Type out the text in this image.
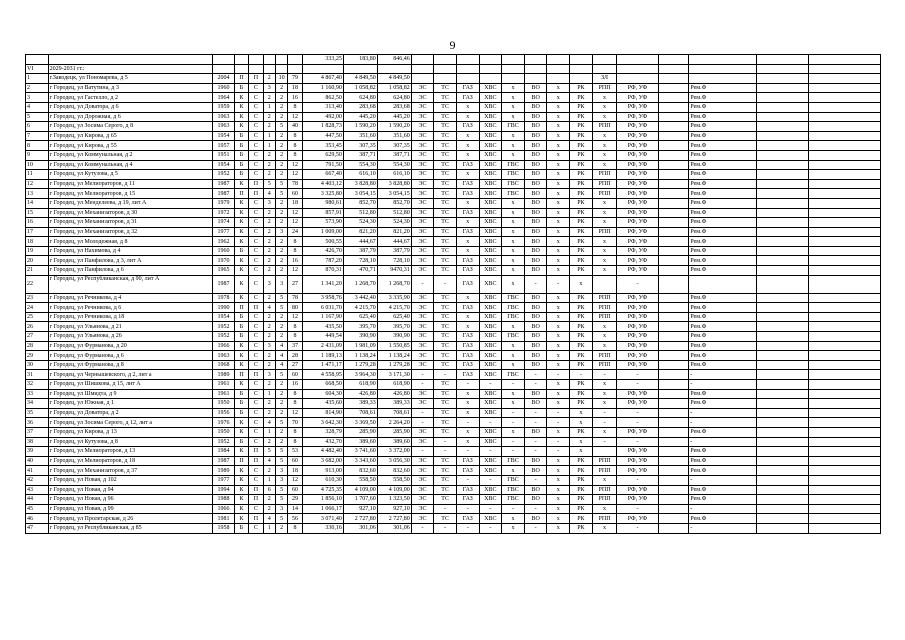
9
								333,25	183,80	846,46														
VI	2029-2031 гг.:																							
1	г.Заводецк, ул Пономарева, д 5	2004	П	П	2	10	79	4 867,40	4 849,50	4 849,50									ЗЛ					
2	г Городец, ул Ватутина, д 3	1960	Б	С	3	2	18	1 160,90	1 058,82	1 058,82	ЭС	ТС	ГАЗ	ХВС	х	ВО	х	РК	РПП	РФ, УФ		Рем.Ф		
3	г Городец, ул Гастелло, д 2	1964	К	С	2	2	16	862,50	624,80	624,80	ЭС	ТС	ГАЗ	ХВС	х	ВО	х	РК	х	РФ, УФ		Рем.Ф		
4	г Городец, ул Доватора, д 6	1959	К	С	1	2	8	313,40	283,68	283,68	ЭС	ТС	х	ХВС	х	ВО	х	РК	х	РФ, УФ		Рем.Ф		
5	г Городец, ул Дорожная, д 6	1963	К	С	2	2	12	492,00	445,20	445,20	ЭС	ТС	х	ХВС	х	ВО	х	РК	х	РФ, УФ		Рем.Ф		
6	г Городец, ул Зосима Серого, д 8	1963	К	С	2	5	40	1 828,73	1 590,20	1 590,20	ЭС	ТС	ГАЗ	ХВС	ГВС	ВО	х	РК	РПП	РФ, УФ		Рем.Ф		
7	г Городец, ул Кирова, д 65	1954	Б	С	1	2	8	447,50	351,60	351,60	ЭС	ТС	х	ХВС	х	ВО	х	РК	х	РФ, УФ		Рем.Ф		
8	г Городец, ул Кирова, д 55	1957	Б	С	1	2	8	353,45	307,35	307,35	ЭС	ТС	х	ХВС	х	ВО	х	РК	х	РФ, УФ		Рем.Ф		
9	г Городец, ул Коммунальная, д 2	1951	Б	С	2	2	8	629,50	387,71	387,71	ЭС	ТС	х	ХВС	х	ВО	х	РК	х	РФ, УФ		Рем.Ф		
10	г Городец, ул Коммунальная, д 4	1954	Б	С	2	2	12	791,50	554,30	554,30	ЭС	ТС	ГАЗ	ХВС	ГВС	ВО	х	РК	х	РФ, УФ		Рем.Ф		
11	г Городец, ул Кутузова, д 5	1952	Б	С	2	2	12	667,40	616,10	616,10	ЭС	ТС	х	ХВС	ГВС	ВО	х	РК	РПП	РФ, УФ		Рем.Ф		
12	г Городец, ул Мелиораторов, д 11	1987	К	П	5	5	78	4 403,12	3 828,80	3 828,80	ЭС	ТС	ГАЗ	ХВС	ГВС	ВО	х	РК	РПП	РФ, УФ		Рем.Ф		
13	г Городец, ул Мелиораторов, д 15	1987	П	П	4	5	60	3 325,80	3 054,15	3 054,15	ЭС	ТС	ГАЗ	ХВС	ГВС	ВО	х	РК	РПП	РФ, УФ		Рем.Ф		
14	г Городец, ул Менделеева, д 19, лит А	1979	К	С	3	2	18	980,61	852,70	852,70	ЭС	ТС	х	ХВС	х	ВО	х	РК	х	РФ, УФ		Рем.Ф		
15	г Городец, ул Механизаторов, д 30	1972	К	С	2	2	12	857,91	512,80	512,80	ЭС	ТС	ГАЗ	ХВС	х	ВО	х	РК	х	РФ, УФ		Рем.Ф		
16	г Городец, ул Механизаторов, д 31	1974	К	С	2	2	12	573,90	524,30	524,30	ЭС	ТС	х	ХВС	х	ВО	х	РК	х	РФ, УФ		Рем.Ф		
17	г Городец, ул Механизаторов, д 32	1977	К	С	2	3	24	1 009,00	821,20	821,20	ЭС	ТС	ГАЗ	ХВС	х	ВО	х	РК	РПП	РФ, УФ		Рем.Ф		
18	г Городец, ул Молодежная, д 8	1962	К	С	2	2	8	500,55	444,67	444,67	ЭС	ТС	х	ХВС	х	ВО	х	РК	х	РФ, УФ		Рем.Ф		
19	г Городец, ул Нахимова, д 4	1960	Б	С	2	2	8	426,70	387,79	387,79	ЭС	ТС	х	ХВС	х	ВО	х	РК	х	РФ, УФ		Рем.Ф		
20	г Городец, ул Панфилова, д 3, лит А	1970	К	С	2	2	16	787,20	728,10	728,10	ЭС	ТС	ГАЗ	ХВС	х	ВО	х	РК	х	РФ, УФ		Рем.Ф		
21	г Городец, ул Панфилова, д 6	1965	К	С	2	2	12	870,31	470,71	9470,31	ЭС	ТС	ГАЗ	ХВС	х	ВО	х	РК	х	РФ, УФ		Рем.Ф		
22	г Городец, ул Республиканская, д 90, лит А	1987	К	С	3	3	27	1 341,20	1 268,70	1 268,70	-	-	ГАЗ	ХВС	х	-	-	х		-				
23	г Городец, ул Речникова, д 4	1978	К	С	2	5	78	3 958,76	3 442,40	3 335,90	ЭС	ТС	х	ХВС	ГВС	ВО	х	РК	РПП	РФ, УФ		Рем.Ф		
24	г Городец, ул Речникова, д 6	1990	П	П	4	5	80	6 031,70	4 215,70	4 215,70	ЭС	ТС	ГАЗ	ХВС	ГВС	ВО	х	РК	РПП	РФ, УФ		Рем.Ф		
25	г Городец, ул Речникова, д 18	1954	Б	С	2	2	12	1 167,90	625,40	625,40	ЭС	ТС	х	ХВС	ГВС	ВО	х	РК	РПП	РФ, УФ		Рем.Ф		
26	г Городец, ул Ульянова, д 21	1952	Б	С	2	2	8	435,50	395,70	395,70	ЭС	ТС	х	ХВС	х	ВО	х	РК	х	РФ, УФ		Рем.Ф		
27	г Городец, ул Ульянова, д 26	1952	Б	С	2	2	8	449,54	390,90	390,90	ЭС	ТС	ГАЗ	ХВС	ГВС	ВО	х	РК	х	РФ, УФ		Рем.Ф		
28	г Городец, ул Фурманова, д 20	1966	К	С	3	4	37	2 431,09	1 981,09	1 550,85	ЭС	ТС	ГАЗ	ХВС	х	ВО	х	РК	х	РФ, УФ		Рем.Ф		
29	г Городец, ул Фурманова, д 6	1963	К	С	2	4	28	1 189,13	1 138,24	1 138,24	ЭС	ТС	ГАЗ	ХВС	х	ВО	х	РК	РПП	РФ, УФ		Рем.Ф		
30	г Городец, ул Фурманова, д 8	1968	К	С	2	4	27	1 471,17	1 279,28	1 279,28	ЭС	ТС	ГАЗ	ХВС	х	ВО	х	РК	РПП	РФ, УФ		Рем.Ф		
31	г Городец, ул Чернышевского, д 2, лит а	1989	П	П	3	5	60	4 558,95	3 964,30	3 171,30	-	-	ГАЗ	ХВС	ГВС	-	-	-	-	-		-		
32	г Городец, ул Шишкова, д 15, лит А	1961	К	С	2	2	16	668,50	618,90	618,90	-	ТС	-	-	-	-	х	РК	х	-		-		
33	г Городец, ул Шмидта, д 9	1961	Б	С	1	2	8	604,30	426,80	426,80	ЭС	ТС	х	ХВС	х	ВО	х	РК	х	РФ, УФ		Рем.Ф		
34	г Городец, ул Южная, д 1	1950	Б	С	2	2	8	435,60	389,33	389,33	ЭС	ТС	х	ХВС	х	ВО	х	РК	х	РФ, УФ		Рем.Ф		
35	г Городец, ул Доватора, д 2	1956	Б	С	2	2	12	814,90	708,61	708,61	-	ТС	х	ХВС	-	-	-	х	-	-		-		
36	г Городец, ул Зосима Серого, д 12, лит а	1976	К	С	4	5	70	3 642,30	3 369,50	2 264,20	-	ТС	-	-	-	-	-	х	-	-		-		
37	г Городец, ул Кирова, д 13	1950	К	С	1	2	8	328,79	285,90	285,90	ЭС	ТС	х	ХВС	х	ВО	х	РК	х	РФ, УФ		Рем.Ф		
38	г Городец, ул Кутузова, д 8	1952	Б	С	2	2	8	432,70	389,60	389,60	ЭС	-	х	ХВС	-	-	-	х	-	-		-		
39	г Городец, ул Мелиораторов, д 13	1984	К	П	5	5	53	4 482,40	3 741,60	3 372,00	-	-	-	-	-	-	-	х		РФ, УФ		Рем.Ф		
40	г Городец, ул Мелиораторов, д 18	1987	П	П	4	5	60	3 682,00	3 343,60	3 056,30	ЭС	ТС	ГАЗ	ХВС	ГВС	ВО	х	РК	РПП	РФ, УФ		Рем.Ф		
41	г Городец, ул Механизаторов, д 37	1989	К	С	2	3	18	913,00	832,60	832,60	ЭС	ТС	ГАЗ	ХВС	х	ВО	х	РК	РПП	РФ, УФ		Рем.Ф		
42	г Городец, ул Новая, д 102	1977	К	С	1	3	12	610,30	558,50	558,50	ЭС	ТС	-	-	ГВС	-	х	РК	х	-		-		
43	г Городец, ул Новая, д 94	1994	К	П	6	5	60	4 725,35	4 109,00	4 109,00	ЭС	ТС	ГАЗ	ХВС	ГВС	ВО	х	РК	РПП	РФ, УФ		Рем.Ф		
44	г Городец, ул Новая, д 96	1988	К	П	2	5	29	1 856,10	1 707,60	1 323,50	ЭС	ТС	ГАЗ	ХВС	ГВС	ВО	х	РК	РПП	РФ, УФ		Рем.Ф		
45	г Городец, ул Новая, д 99	1966	К	С	2	3	14	1 066,17	927,10	927,10	ЭС	-	-	-	-	-	х	РК	х	-		-		
46	г Городец, ул Пролетарская, д 26	1981	К	П	4	5	56	3 071,40	2 727,80	2 727,80	ЭС	ТС	ГАЗ	ХВС	х	ВО	х	РК	РПП	РФ, УФ		Рем.Ф		
47	г Городец, ул Республиканская, д 85	1958	Б	С	1	2	8	330,16	301,06	301,06	-	-	-	-	х	-	х	РК	х	-		-		
